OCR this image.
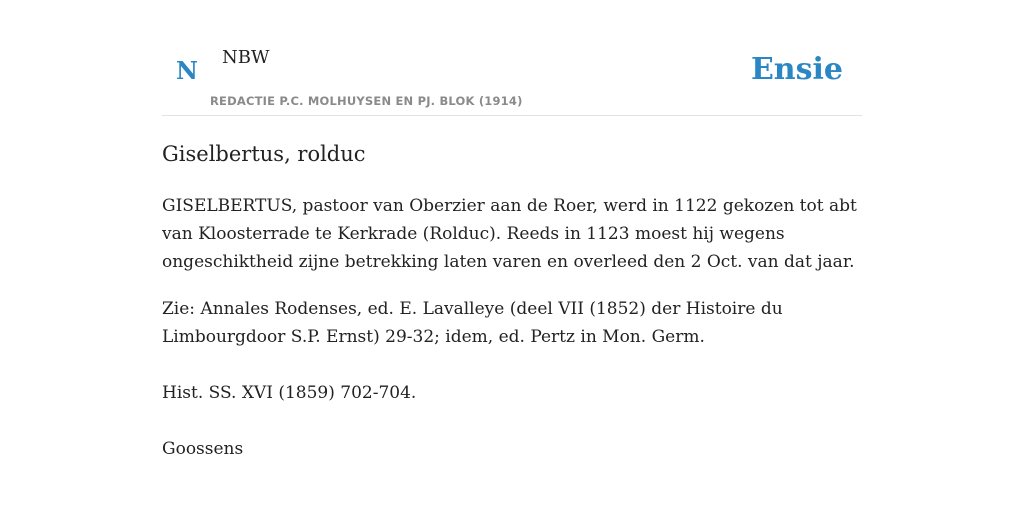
N NBW
REDACTIE P.C. MOLHUYSEN EN PJ. BLOK (1914)
Ensie
Giselbertus, rolduc

GISELBERTUS, pastoor van Oberzier aan de Roer, werd in 1122 gekozen tot abt van Kloosterrade te Kerkrade (Rolduc). Reeds in 1123 moest hij wegens ongeschiktheid zijne betrekking laten varen en overleed den 2 Oct. van dat jaar.

Zie: Annales Rodenses, ed. E. Lavalleye (deel VII (1852) der Histoire du Limbourgdoor S.P. Ernst) 29-32; idem, ed. Pertz in Mon. Germ.

Hist. SS. XVI (1859) 702-704.

Goossens
